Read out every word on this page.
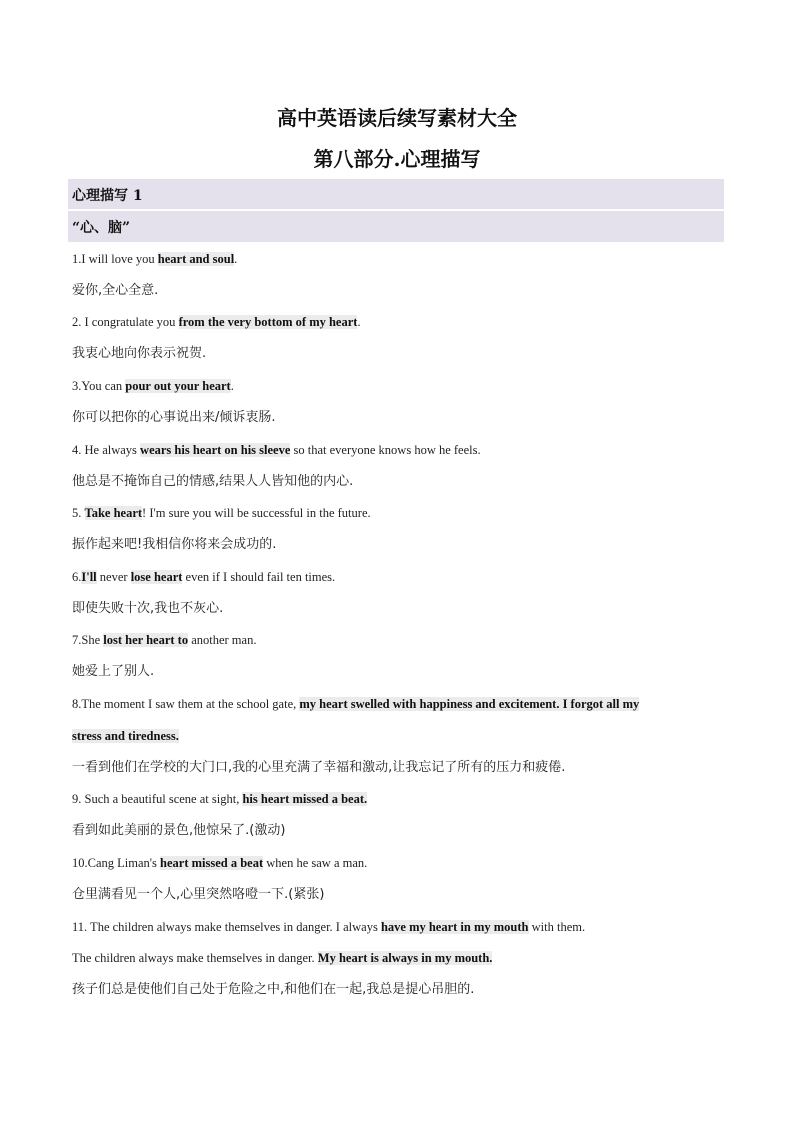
高中英语读后续写素材大全
第八部分.心理描写
心理描写 1
“心、脑”
1.I will love you heart and soul.
爱你,全心全意.
2. I congratulate you from the very bottom of my heart.
我衷心地向你表示祝贺.
3.You can pour out your heart.
你可以把你的心事说出来/倾诉衷肠.
4. He always wears his heart on his sleeve so that everyone knows how he feels.
他总是不掩饰自己的情感,结果人人皆知他的内心.
5. Take heart! I'm sure you will be successful in the future.
振作起来吧!我相信你将来会成功的.
6.I'll never lose heart even if I should fail ten times.
即使失败十次,我也不灰心.
7.She lost her heart to another man.
她爱上了别人.
8.The moment I saw them at the school gate, my heart swelled with happiness and excitement. I forgot all my
stress and tiredness.
一看到他们在学校的大门口,我的心里充满了幸福和激动,让我忘记了所有的压力和疲倦.
9. Such a beautiful scene at sight, his heart missed a beat.
看到如此美丽的景色,他惊呆了.(激动)
10.Cang Liman's heart missed a beat when he saw a man.
仓里满看见一个人,心里突然咯噔一下.(紧张)
11. The children always make themselves in danger. I always have my heart in my mouth with them.
The children always make themselves in danger. My heart is always in my mouth.
孩子们总是使他们自己处于危险之中,和他们在一起,我总是提心吊胆的.
